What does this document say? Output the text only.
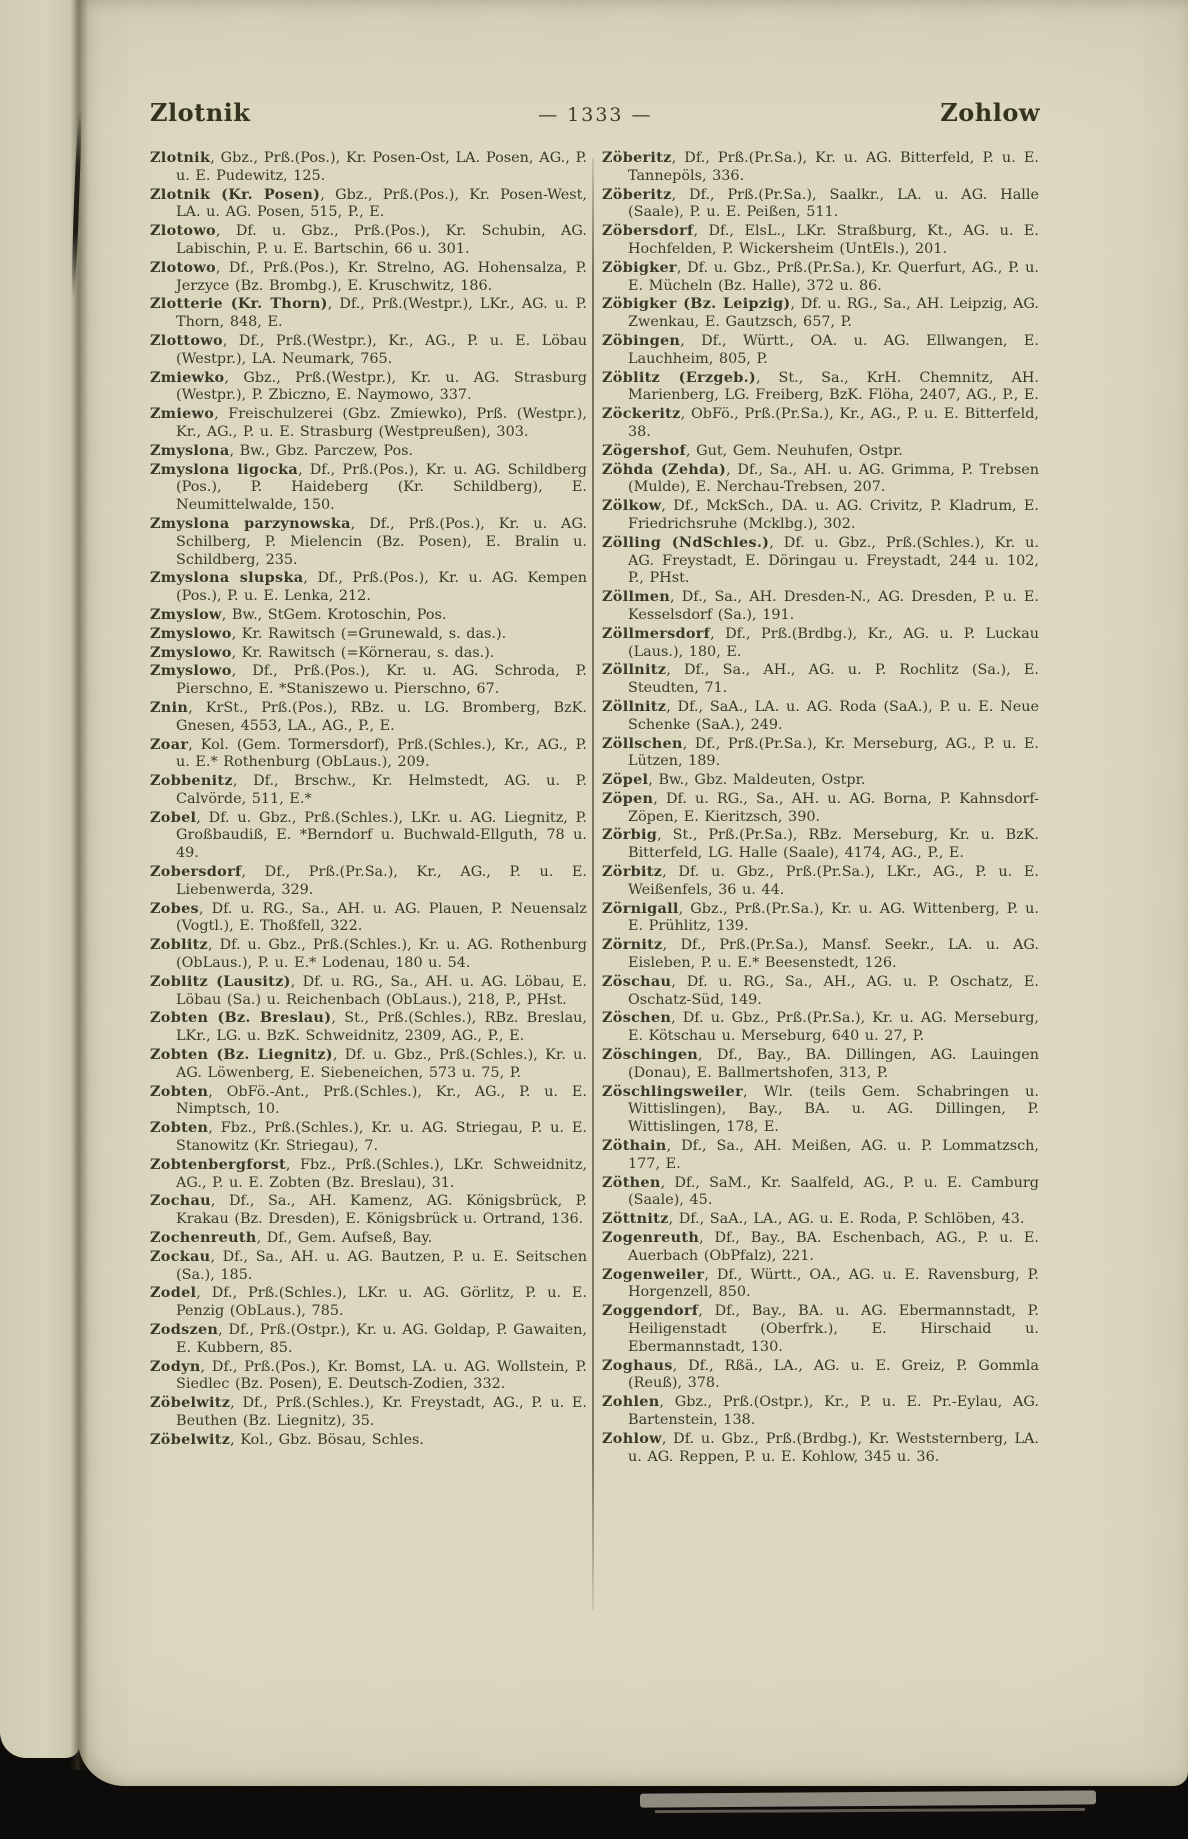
Zlotnik	— 1333 —	Zohlow

Zlotnik, Gbz., Prß.(Pos.), Kr. Posen-Ost, LA. Posen, AG., P. u. E. Pudewitz, 125.

Zlotnik (Kr. Posen), Gbz., Prß.(Pos.), Kr. Posen-West, LA. u. AG. Posen, 515, P., E.

Zlotowo, Df. u. Gbz., Prß.(Pos.), Kr. Schubin, AG. Labischin, P. u. E. Bartschin, 66 u. 301.

Zlotowo, Df., Prß.(Pos.), Kr. Strelno, AG. Hohensalza, P. Jerzyce (Bz. Brombg.), E. Kruschwitz, 186.

Zlotterie (Kr. Thorn), Df., Prß.(Westpr.), LKr., AG. u. P. Thorn, 848, E.

Zlottowo, Df., Prß.(Westpr.), Kr., AG., P. u. E. Löbau (Westpr.), LA. Neumark, 765.

Zmiewko, Gbz., Prß.(Westpr.), Kr. u. AG. Strasburg (Westpr.), P. Zbiczno, E. Naymowo, 337.

Zmiewo, Freischulzerei (Gbz. Zmiewko), Prß. (Westpr.), Kr., AG., P. u. E. Strasburg (Westpreußen), 303.

Zmyslona, Bw., Gbz. Parczew, Pos.

Zmyslona ligocka, Df., Prß.(Pos.), Kr. u. AG. Schildberg (Pos.), P. Haideberg (Kr. Schildberg), E. Neumittelwalde, 150.

Zmyslona parzynowska, Df., Prß.(Pos.), Kr. u. AG. Schilberg, P. Mielencin (Bz. Posen), E. Bralin u. Schildberg, 235.

Zmyslona slupska, Df., Prß.(Pos.), Kr. u. AG. Kempen (Pos.), P. u. E. Lenka, 212.

Zmyslow, Bw., StGem. Krotoschin, Pos.

Zmyslowo, Kr. Rawitsch (=Grunewald, s. das.).

Zmyslowo, Kr. Rawitsch (=Körnerau, s. das.).

Zmyslowo, Df., Prß.(Pos.), Kr. u. AG. Schroda, P. Pierschno, E. *Staniszewo u. Pierschno, 67.

Znin, KrSt., Prß.(Pos.), RBz. u. LG. Bromberg, BzK. Gnesen, 4553, LA., AG., P., E.

Zoar, Kol. (Gem. Tormersdorf), Prß.(Schles.), Kr., AG., P. u. E.* Rothenburg (ObLaus.), 209.

Zobbenitz, Df., Brschw., Kr. Helmstedt, AG. u. P. Calvörde, 511, E.*

Zobel, Df. u. Gbz., Prß.(Schles.), LKr. u. AG. Liegnitz, P. Großbaudiß, E. *Berndorf u. Buchwald-Ellguth, 78 u. 49.

Zobersdorf, Df., Prß.(Pr.Sa.), Kr., AG., P. u. E. Liebenwerda, 329.

Zobes, Df. u. RG., Sa., AH. u. AG. Plauen, P. Neuensalz (Vogtl.), E. Thoßfell, 322.

Zoblitz, Df. u. Gbz., Prß.(Schles.), Kr. u. AG. Rothenburg (ObLaus.), P. u. E.* Lodenau, 180 u. 54.

Zoblitz (Lausitz), Df. u. RG., Sa., AH. u. AG. Löbau, E. Löbau (Sa.) u. Reichenbach (ObLaus.), 218, P., PHst.

Zobten (Bz. Breslau), St., Prß.(Schles.), RBz. Breslau, LKr., LG. u. BzK. Schweidnitz, 2309, AG., P., E.

Zobten (Bz. Liegnitz), Df. u. Gbz., Prß.(Schles.), Kr. u. AG. Löwenberg, E. Siebeneichen, 573 u. 75, P.

Zobten, ObFö.-Ant., Prß.(Schles.), Kr., AG., P. u. E. Nimptsch, 10.

Zobten, Fbz., Prß.(Schles.), Kr. u. AG. Striegau, P. u. E. Stanowitz (Kr. Striegau), 7.

Zobtenbergforst, Fbz., Prß.(Schles.), LKr. Schweidnitz, AG., P. u. E. Zobten (Bz. Breslau), 31.

Zochau, Df., Sa., AH. Kamenz, AG. Königsbrück, P. Krakau (Bz. Dresden), E. Königsbrück u. Ortrand, 136.

Zochenreuth, Df., Gem. Aufseß, Bay.

Zockau, Df., Sa., AH. u. AG. Bautzen, P. u. E. Seitschen (Sa.), 185.

Zodel, Df., Prß.(Schles.), LKr. u. AG. Görlitz, P. u. E. Penzig (ObLaus.), 785.

Zodszen, Df., Prß.(Ostpr.), Kr. u. AG. Goldap, P. Gawaiten, E. Kubbern, 85.

Zodyn, Df., Prß.(Pos.), Kr. Bomst, LA. u. AG. Wollstein, P. Siedlec (Bz. Posen), E. Deutsch-Zodien, 332.

Zöbelwitz, Df., Prß.(Schles.), Kr. Freystadt, AG., P. u. E. Beuthen (Bz. Liegnitz), 35.

Zöbelwitz, Kol., Gbz. Bösau, Schles.

Zöberitz, Df., Prß.(Pr.Sa.), Kr. u. AG. Bitterfeld, P. u. E. Tannepöls, 336.

Zöberitz, Df., Prß.(Pr.Sa.), Saalkr., LA. u. AG. Halle (Saale), P. u. E. Peißen, 511.

Zöbersdorf, Df., ElsL., LKr. Straßburg, Kt., AG. u. E. Hochfelden, P. Wickersheim (UntEls.), 201.

Zöbigker, Df. u. Gbz., Prß.(Pr.Sa.), Kr. Querfurt, AG., P. u. E. Mücheln (Bz. Halle), 372 u. 86.

Zöbigker (Bz. Leipzig), Df. u. RG., Sa., AH. Leipzig, AG. Zwenkau, E. Gautzsch, 657, P.

Zöbingen, Df., Württ., OA. u. AG. Ellwangen, E. Lauchheim, 805, P.

Zöblitz (Erzgeb.), St., Sa., KrH. Chemnitz, AH. Marienberg, LG. Freiberg, BzK. Flöha, 2407, AG., P., E.

Zöckeritz, ObFö., Prß.(Pr.Sa.), Kr., AG., P. u. E. Bitterfeld, 38.

Zögershof, Gut, Gem. Neuhufen, Ostpr.

Zöhda (Zehda), Df., Sa., AH. u. AG. Grimma, P. Trebsen (Mulde), E. Nerchau-Trebsen, 207.

Zölkow, Df., MckSch., DA. u. AG. Crivitz, P. Kladrum, E. Friedrichsruhe (Mcklbg.), 302.

Zölling (NdSchles.), Df. u. Gbz., Prß.(Schles.), Kr. u. AG. Freystadt, E. Döringau u. Freystadt, 244 u. 102, P., PHst.

Zöllmen, Df., Sa., AH. Dresden-N., AG. Dresden, P. u. E. Kesselsdorf (Sa.), 191.

Zöllmersdorf, Df., Prß.(Brdbg.), Kr., AG. u. P. Luckau (Laus.), 180, E.

Zöllnitz, Df., Sa., AH., AG. u. P. Rochlitz (Sa.), E. Steudten, 71.

Zöllnitz, Df., SaA., LA. u. AG. Roda (SaA.), P. u. E. Neue Schenke (SaA.), 249.

Zöllschen, Df., Prß.(Pr.Sa.), Kr. Merseburg, AG., P. u. E. Lützen, 189.

Zöpel, Bw., Gbz. Maldeuten, Ostpr.

Zöpen, Df. u. RG., Sa., AH. u. AG. Borna, P. Kahnsdorf-Zöpen, E. Kieritzsch, 390.

Zörbig, St., Prß.(Pr.Sa.), RBz. Merseburg, Kr. u. BzK. Bitterfeld, LG. Halle (Saale), 4174, AG., P., E.

Zörbitz, Df. u. Gbz., Prß.(Pr.Sa.), LKr., AG., P. u. E. Weißenfels, 36 u. 44.

Zörnigall, Gbz., Prß.(Pr.Sa.), Kr. u. AG. Wittenberg, P. u. E. Prühlitz, 139.

Zörnitz, Df., Prß.(Pr.Sa.), Mansf. Seekr., LA. u. AG. Eisleben, P. u. E.* Beesenstedt, 126.

Zöschau, Df. u. RG., Sa., AH., AG. u. P. Oschatz, E. Oschatz-Süd, 149.

Zöschen, Df. u. Gbz., Prß.(Pr.Sa.), Kr. u. AG. Merseburg, E. Kötschau u. Merseburg, 640 u. 27, P.

Zöschingen, Df., Bay., BA. Dillingen, AG. Lauingen (Donau), E. Ballmertshofen, 313, P.

Zöschlingsweiler, Wlr. (teils Gem. Schabringen u. Wittislingen), Bay., BA. u. AG. Dillingen, P. Wittislingen, 178, E.

Zöthain, Df., Sa., AH. Meißen, AG. u. P. Lommatzsch, 177, E.

Zöthen, Df., SaM., Kr. Saalfeld, AG., P. u. E. Camburg (Saale), 45.

Zöttnitz, Df., SaA., LA., AG. u. E. Roda, P. Schlöben, 43.

Zogenreuth, Df., Bay., BA. Eschenbach, AG., P. u. E. Auerbach (ObPfalz), 221.

Zogenweiler, Df., Württ., OA., AG. u. E. Ravensburg, P. Horgenzell, 850.

Zoggendorf, Df., Bay., BA. u. AG. Ebermannstadt, P. Heiligenstadt (Oberfrk.), E. Hirschaid u. Ebermannstadt, 130.

Zoghaus, Df., Rßä., LA., AG. u. E. Greiz, P. Gommla (Reuß), 378.

Zohlen, Gbz., Prß.(Ostpr.), Kr., P. u. E. Pr.-Eylau, AG. Bartenstein, 138.

Zohlow, Df. u. Gbz., Prß.(Brdbg.), Kr. Weststernberg, LA. u. AG. Reppen, P. u. E. Kohlow, 345 u. 36.
